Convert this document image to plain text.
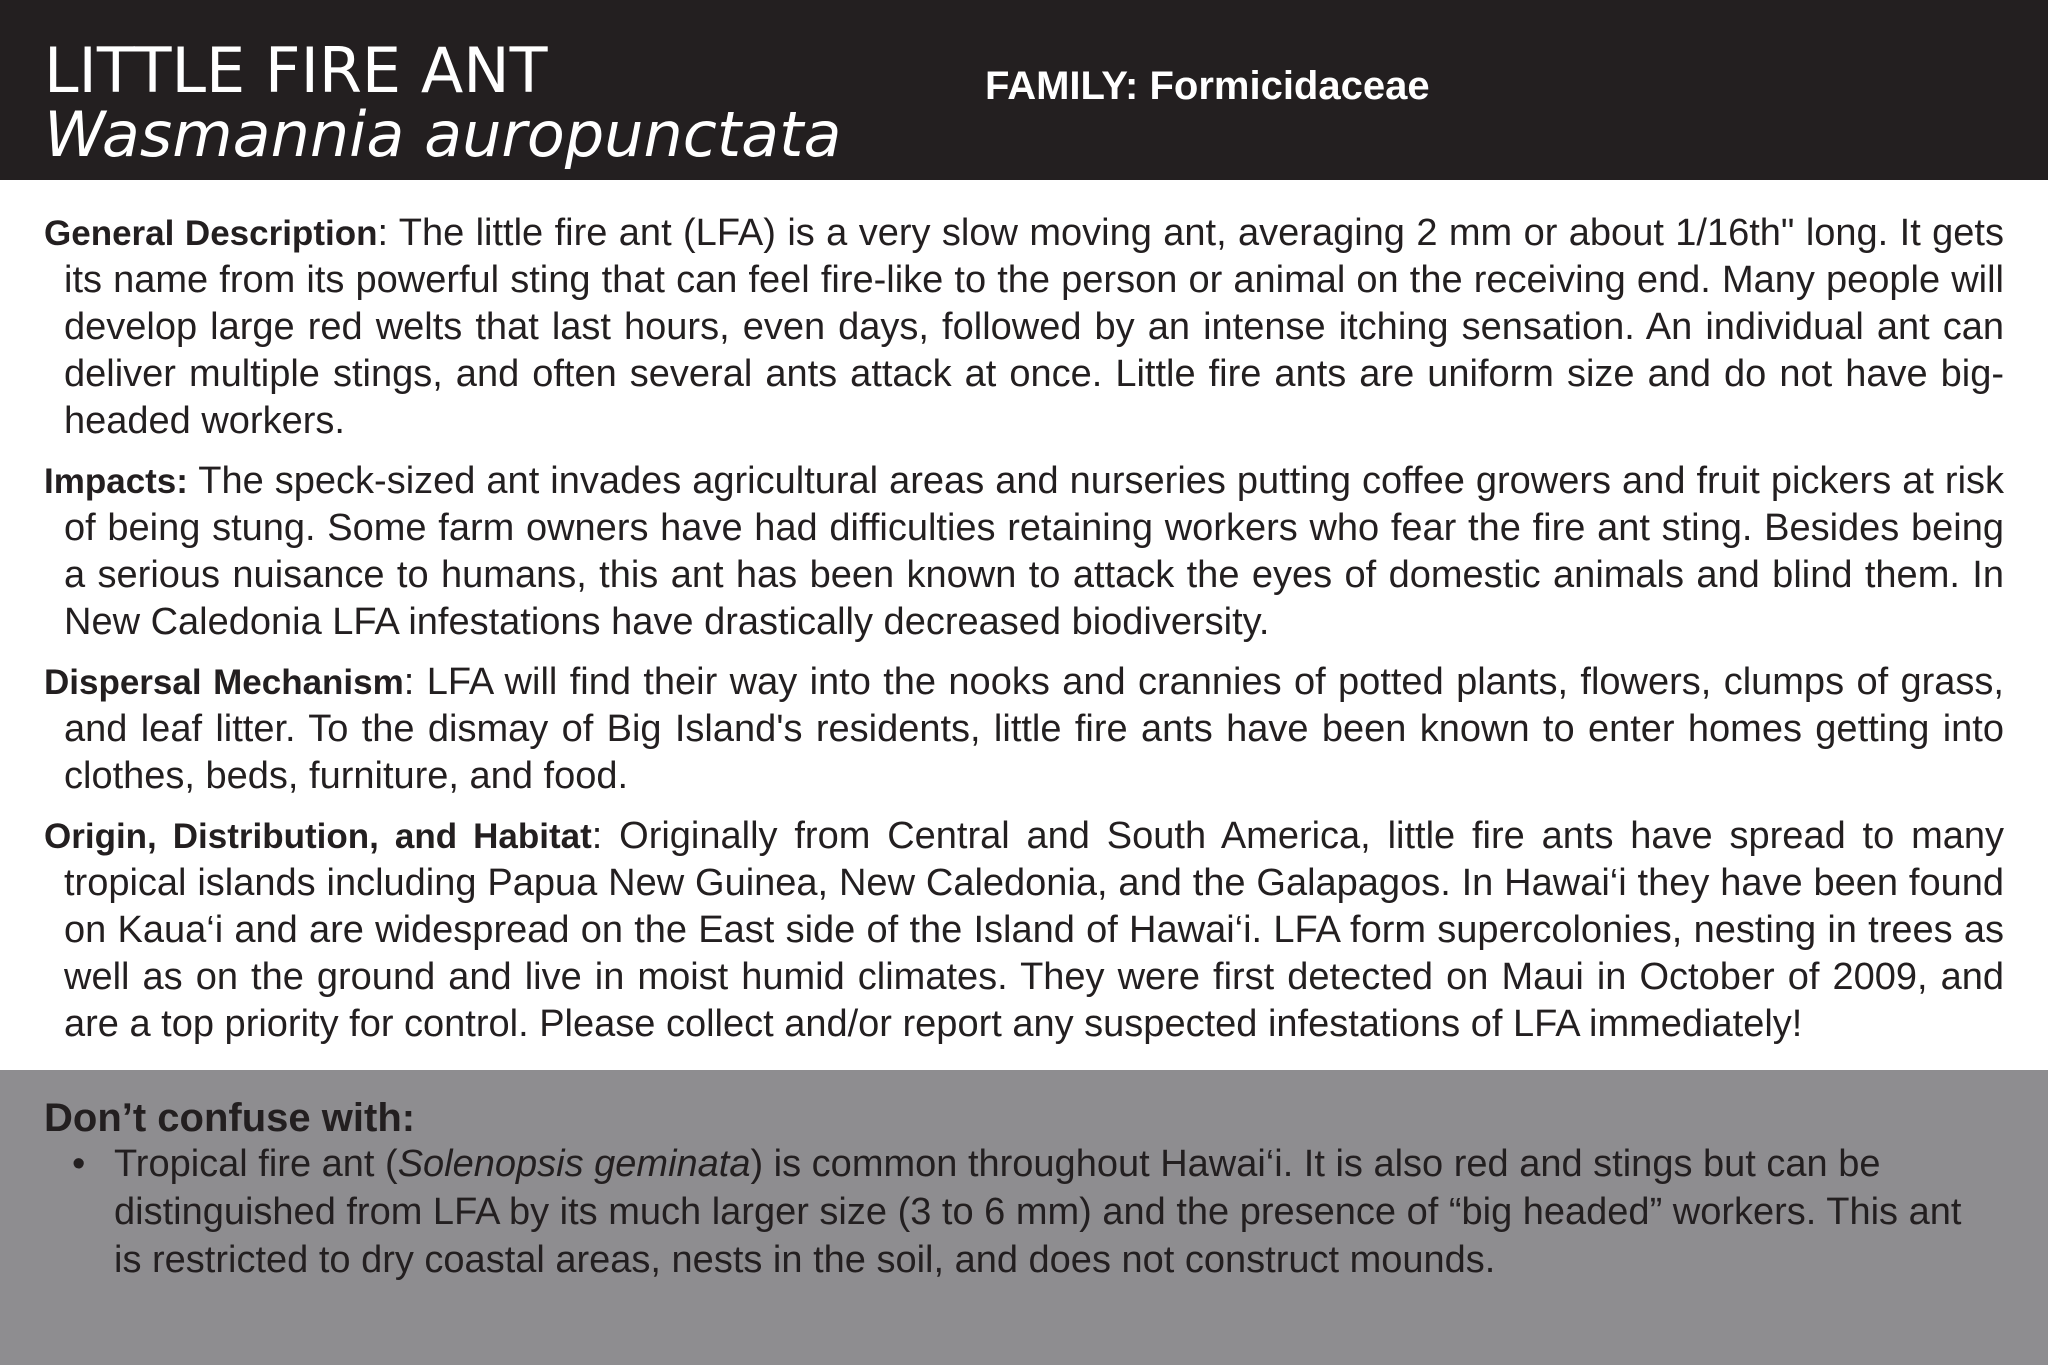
LITTLE FIRE ANT
Wasmannia auropunctata
FAMILY: Formicidaceae

General Description: The little fire ant (LFA) is a very slow moving ant, averaging 2 mm or about 1/16th" long. It gets its name from its powerful sting that can feel fire-like to the person or animal on the receiving end. Many people will develop large red welts that last hours, even days, followed by an intense itching sensation. An individual ant can deliver multiple stings, and often several ants attack at once. Little fire ants are uniform size and do not have big-headed workers.

Impacts: The speck-sized ant invades agricultural areas and nurseries putting coffee growers and fruit pickers at risk of being stung. Some farm owners have had difficulties retaining workers who fear the fire ant sting. Besides being a serious nuisance to humans, this ant has been known to attack the eyes of domestic animals and blind them. In New Caledonia LFA infestations have drastically decreased biodiversity.

Dispersal Mechanism: LFA will find their way into the nooks and crannies of potted plants, flowers, clumps of grass, and leaf litter. To the dismay of Big Island's residents, little fire ants have been known to enter homes getting into clothes, beds, furniture, and food.

Origin, Distribution, and Habitat: Originally from Central and South America, little fire ants have spread to many tropical islands including Papua New Guinea, New Caledonia, and the Galapagos. In Hawai‘i they have been found on Kaua‘i and are widespread on the East side of the Island of Hawai‘i. LFA form supercolonies, nesting in trees as well as on the ground and live in moist humid climates. They were first detected on Maui in October of 2009, and are a top priority for control. Please collect and/or report any suspected infestations of LFA immediately!

Don’t confuse with:
• Tropical fire ant (Solenopsis geminata) is common throughout Hawai‘i. It is also red and stings but can be distinguished from LFA by its much larger size (3 to 6 mm) and the presence of “big headed” workers. This ant is restricted to dry coastal areas, nests in the soil, and does not construct mounds.
